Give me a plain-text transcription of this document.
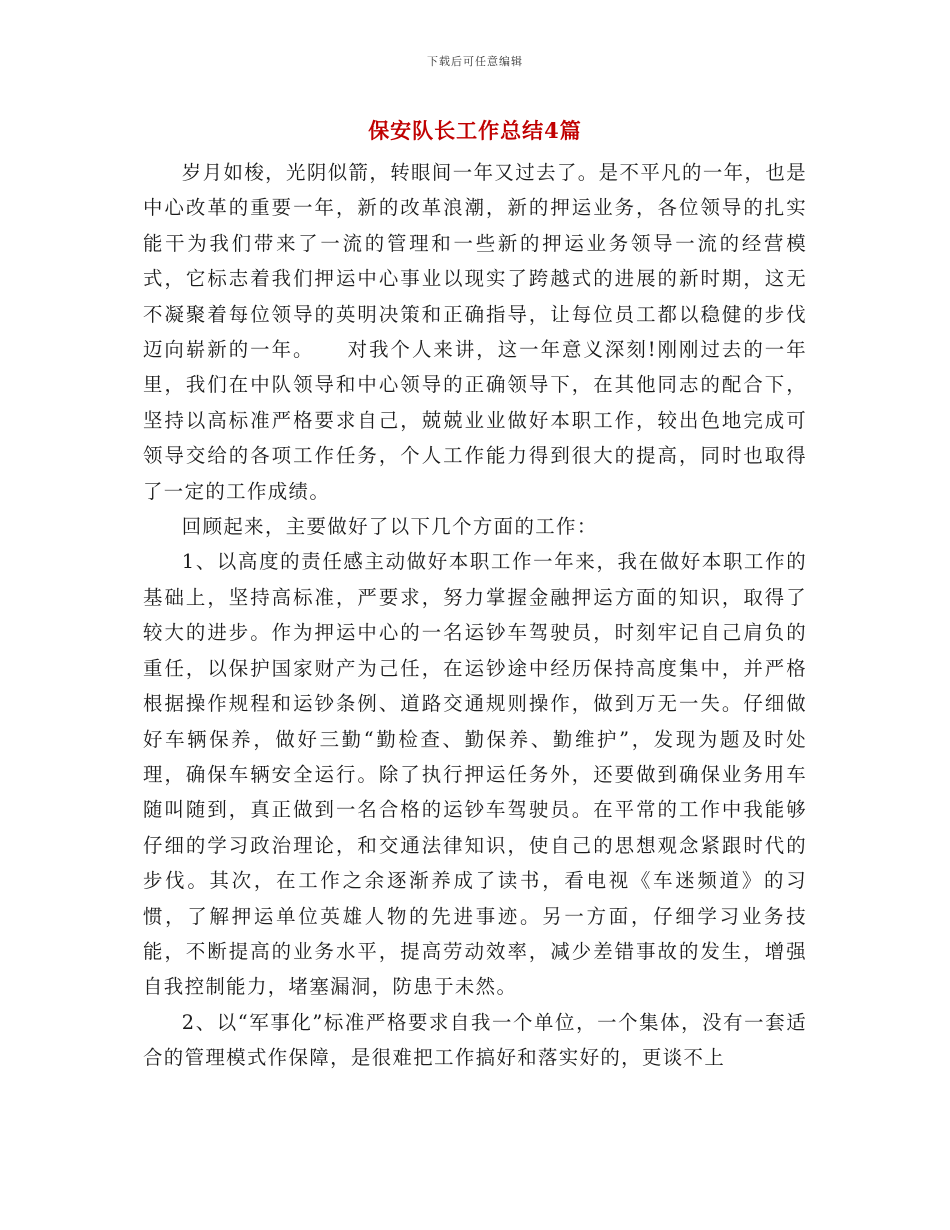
下载后可任意编辑
保安队长工作总结4篇

岁月如梭，光阴似箭，转眼间一年又过去了。是不平凡的一年，也是中心改革的重要一年，新的改革浪潮，新的押运业务，各位领导的扎实能干为我们带来了一流的管理和一些新的押运业务领导一流的经营模式，它标志着我们押运中心事业以现实了跨越式的进展的新时期，这无不凝聚着每位领导的英明决策和正确指导，让每位员工都以稳健的步伐迈向崭新的一年。　　对我个人来讲，这一年意义深刻!刚刚过去的一年里，我们在中队领导和中心领导的正确领导下，在其他同志的配合下，坚持以高标准严格要求自己，兢兢业业做好本职工作，较出色地完成可领导交给的各项工作任务，个人工作能力得到很大的提高，同时也取得了一定的工作成绩。

回顾起来，主要做好了以下几个方面的工作：

1、以高度的责任感主动做好本职工作一年来，我在做好本职工作的基础上，坚持高标准，严要求，努力掌握金融押运方面的知识，取得了较大的进步。作为押运中心的一名运钞车驾驶员，时刻牢记自己肩负的重任，以保护国家财产为己任，在运钞途中经历保持高度集中，并严格根据操作规程和运钞条例、道路交通规则操作，做到万无一失。仔细做好车辆保养，做好三勤“勤检查、勤保养、勤维护”，发现为题及时处理，确保车辆安全运行。除了执行押运任务外，还要做到确保业务用车随叫随到，真正做到一名合格的运钞车驾驶员。在平常的工作中我能够仔细的学习政治理论，和交通法律知识，使自己的思想观念紧跟时代的步伐。其次，在工作之余逐渐养成了读书，看电视《车迷频道》的习惯，了解押运单位英雄人物的先进事迹。另一方面，仔细学习业务技能，不断提高的业务水平，提高劳动效率，减少差错事故的发生，增强自我控制能力，堵塞漏洞，防患于未然。

2、以“军事化”标准严格要求自我一个单位，一个集体，没有一套适合的管理模式作保障，是很难把工作搞好和落实好的，更谈不上
